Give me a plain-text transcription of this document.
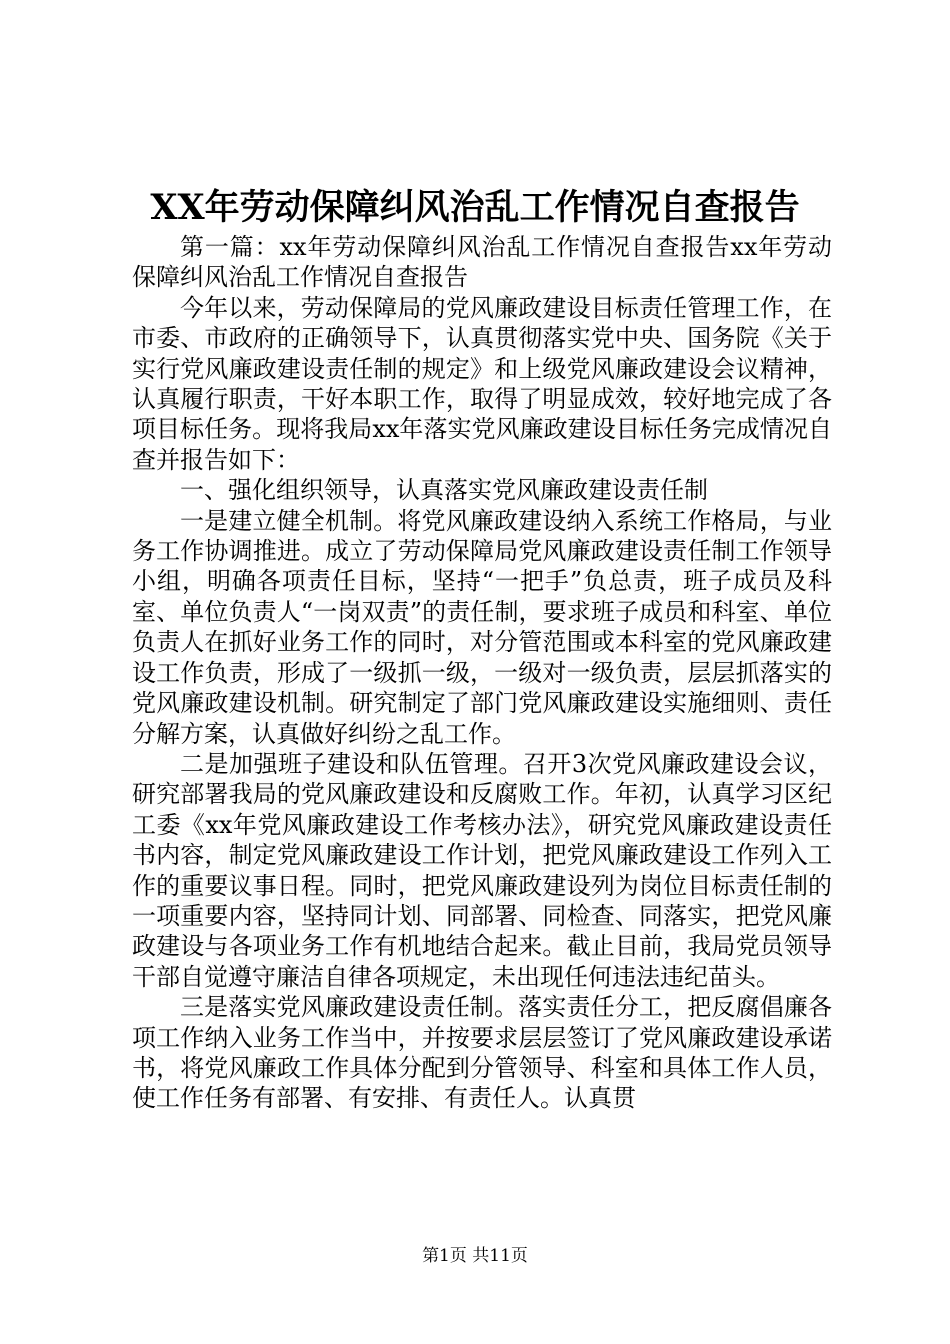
XX年劳动保障纠风治乱工作情况自查报告

第一篇：xx年劳动保障纠风治乱工作情况自查报告xx年劳动保障纠风治乱工作情况自查报告

今年以来，劳动保障局的党风廉政建设目标责任管理工作，在市委、市政府的正确领导下，认真贯彻落实党中央、国务院《关于实行党风廉政建设责任制的规定》和上级党风廉政建设会议精神，认真履行职责，干好本职工作，取得了明显成效，较好地完成了各项目标任务。现将我局xx年落实党风廉政建设目标任务完成情况自查并报告如下：

一、强化组织领导，认真落实党风廉政建设责任制

一是建立健全机制。将党风廉政建设纳入系统工作格局，与业务工作协调推进。成立了劳动保障局党风廉政建设责任制工作领导小组，明确各项责任目标，坚持“一把手”负总责，班子成员及科室、单位负责人“一岗双责”的责任制，要求班子成员和科室、单位负责人在抓好业务工作的同时，对分管范围或本科室的党风廉政建设工作负责，形成了一级抓一级，一级对一级负责，层层抓落实的党风廉政建设机制。研究制定了部门党风廉政建设实施细则、责任分解方案，认真做好纠纷之乱工作。

二是加强班子建设和队伍管理。召开3次党风廉政建设会议，研究部署我局的党风廉政建设和反腐败工作。年初，认真学习区纪工委《xx年党风廉政建设工作考核办法》，研究党风廉政建设责任书内容，制定党风廉政建设工作计划，把党风廉政建设工作列入工作的重要议事日程。同时，把党风廉政建设列为岗位目标责任制的一项重要内容，坚持同计划、同部署、同检查、同落实，把党风廉政建设与各项业务工作有机地结合起来。截止目前，我局党员领导干部自觉遵守廉洁自律各项规定，未出现任何违法违纪苗头。

三是落实党风廉政建设责任制。落实责任分工，把反腐倡廉各项工作纳入业务工作当中，并按要求层层签订了党风廉政建设承诺书，将党风廉政工作具体分配到分管领导、科室和具体工作人员，使工作任务有部署、有安排、有责任人。认真贯

第1页 共11页
